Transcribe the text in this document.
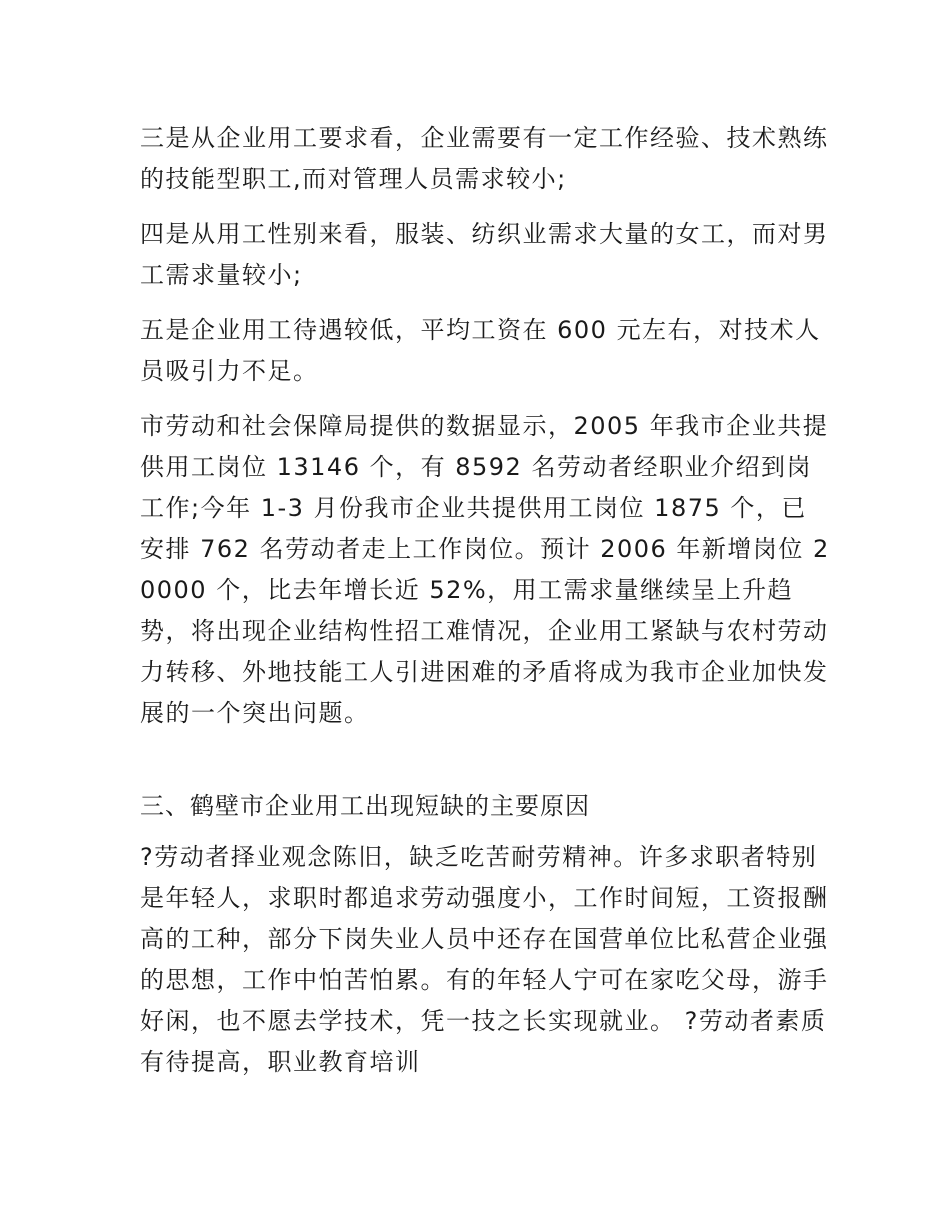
三是从企业用工要求看，企业需要有一定工作经验、技术熟练的技能型职工,而对管理人员需求较小;

四是从用工性别来看，服装、纺织业需求大量的女工，而对男工需求量较小;

五是企业用工待遇较低，平均工资在 600 元左右，对技术人 员吸引力不足。

市劳动和社会保障局提供的数据显示，2005 年我市企业共提供用工岗位 13146 个，有 8592 名劳动者经职业介绍到岗工作;今年 1-3 月份我市企业共提供用工岗位 1875 个，已安排 762 名劳动者走上工作岗位。预计 2006 年新增岗位 20000 个，比去年增长近 52%，用工需求量继续呈上升趋势，将出现企业结构性招工难情况，企业用工紧缺与农村劳动力转移、外地技能工人引进困难的矛盾将成为我市企业加快发展的一个突出问题。

三、鹤壁市企业用工出现短缺的主要原因

?劳动者择业观念陈旧，缺乏吃苦耐劳精神。许多求职者特别是年轻人，求职时都追求劳动强度小，工作时间短，工资报酬高的工种，部分下岗失业人员中还存在国营单位比私营企业强的思想，工作中怕苦怕累。有的年轻人宁可在家吃父母，游手好闲，也不愿去学技术，凭一技之长实现就业。 ?劳动者素质有待提高，职业教育培训
